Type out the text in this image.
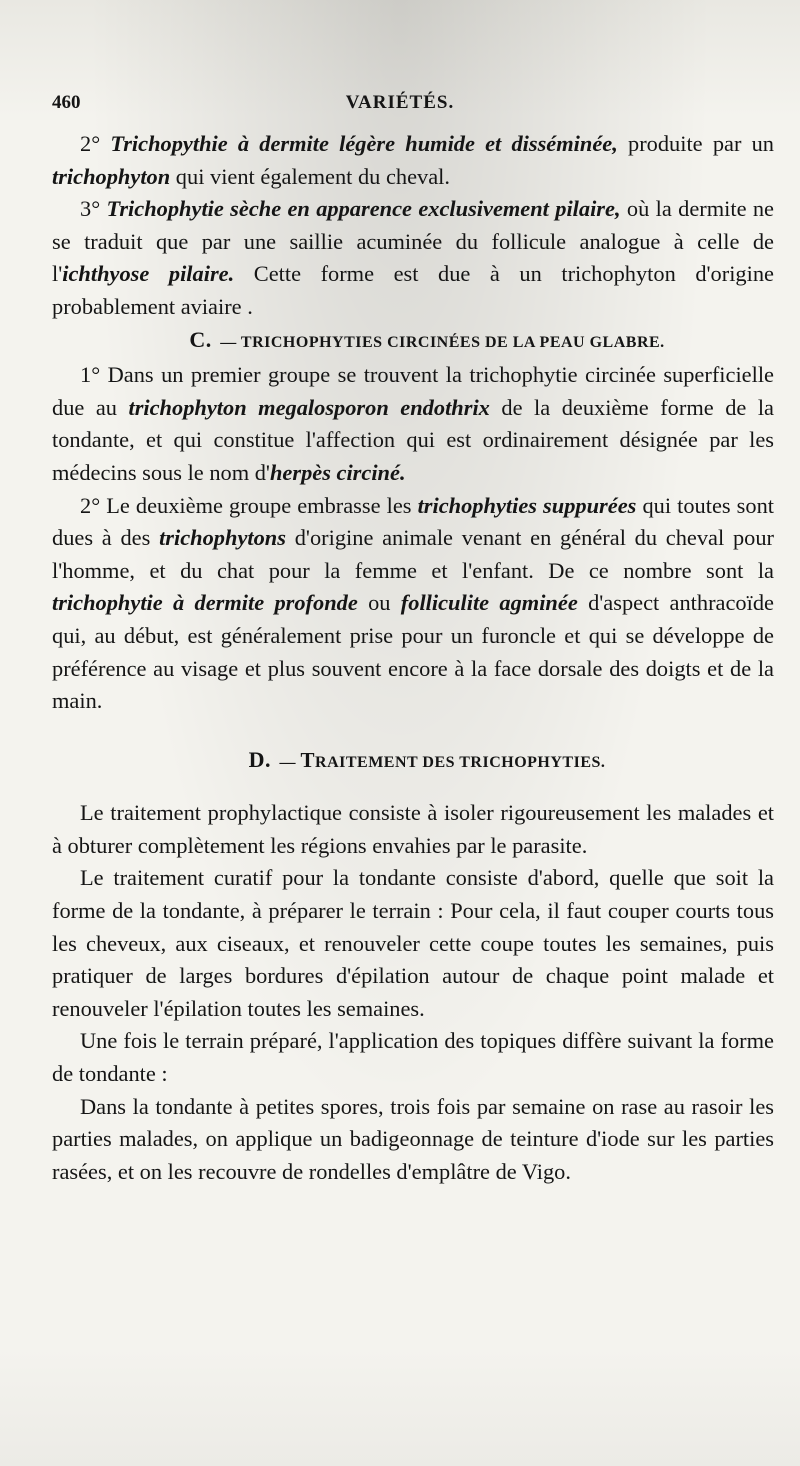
460	VARIÉTÉS.

2° Trichopythie à dermite légère humide et disséminée, produite par un trichophyton qui vient également du cheval.

3° Trichophytie sèche en apparence exclusivement pilaire, où la dermite ne se traduit que par une saillie acuminée du follicule analogue à celle de l'ichthyose pilaire. Cette forme est due à un trichophyton d'origine probablement aviaire .

C. — TRICHOPHYTIES CIRCINÉES DE LA PEAU GLABRE.

1° Dans un premier groupe se trouvent la trichophytie circinée superficielle due au trichophyton megalosporon endothrix de la deuxième forme de la tondante, et qui constitue l'affection qui est ordinairement désignée par les médecins sous le nom d'herpès circiné.

2° Le deuxième groupe embrasse les trichophyties suppurées qui toutes sont dues à des trichophytons d'origine animale venant en général du cheval pour l'homme, et du chat pour la femme et l'enfant. De ce nombre sont la trichophytie à dermite profonde ou folliculite agminée d'aspect anthracoïde qui, au début, est généralement prise pour un furoncle et qui se développe de préférence au visage et plus souvent encore à la face dorsale des doigts et de la main.

D. — TRAITEMENT DES TRICHOPHYTIES.

Le traitement prophylactique consiste à isoler rigoureusement les malades et à obturer complètement les régions envahies par le parasite.

Le traitement curatif pour la tondante consiste d'abord, quelle que soit la forme de la tondante, à préparer le terrain : Pour cela, il faut couper courts tous les cheveux, aux ciseaux, et renouveler cette coupe toutes les semaines, puis pratiquer de larges bordures d'épilation autour de chaque point malade et renouveler l'épilation toutes les semaines.

Une fois le terrain préparé, l'application des topiques diffère suivant la forme de tondante :

Dans la tondante à petites spores, trois fois par semaine on rase au rasoir les parties malades, on applique un badigeonnage de teinture d'iode sur les parties rasées, et on les recouvre de rondelles d'emplâtre de Vigo.
